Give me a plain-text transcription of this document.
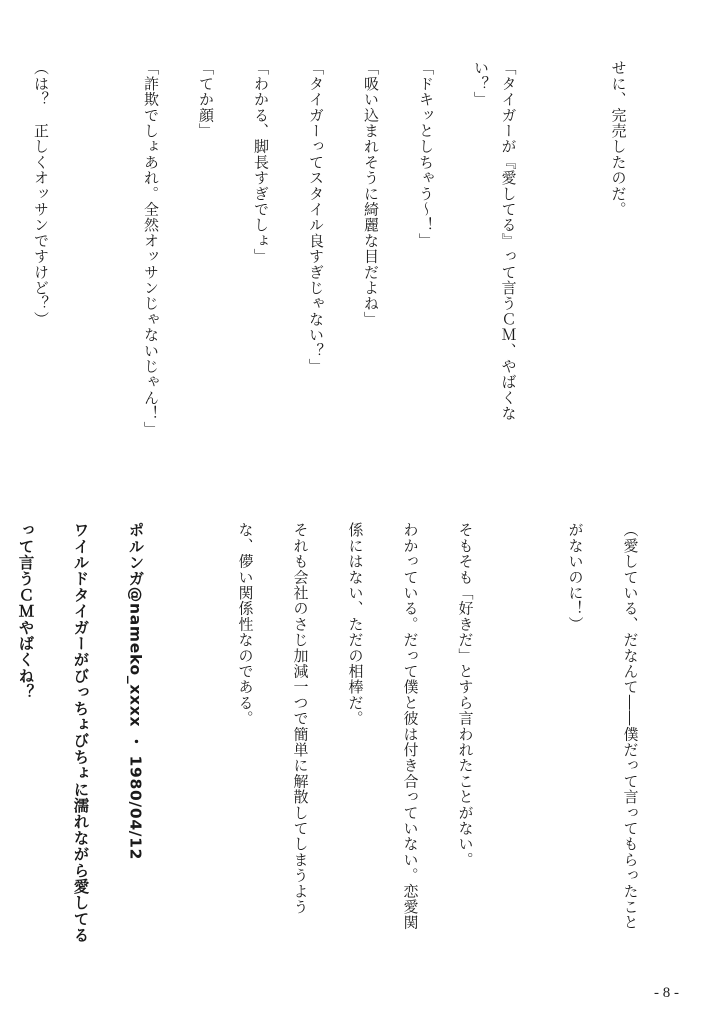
せに、完売したのだ。

「タイガーが『愛してる』って言うＣＭ、やばくない？」

「ドキッとしちゃう～！」

「吸い込まれそうに綺麗な目だよね」

「タイガーってスタイル良すぎじゃない？」

「わかる、脚長すぎでしょ」

「てか顔」

「詐欺でしょあれ。全然オッサンじゃないじゃん！」

（は？　正しくオッサンですけど？）

（愛している、だなんて――僕だって言ってもらったこと

がないのに！）

そもそも「好きだ」とすら言われたことがない。

わかっている。だって僕と彼は付き合っていない。恋愛関

係にはない、ただの相棒だ。

それも会社のさじ加減一つで簡単に解散してしまうよう

な、儚い関係性なのである。

ポルンガ@nameko_xxxx ・ 1980/04/12

ワイルドタイガーがびっちょびちょに濡れながら愛してる

って言うＣＭやばくね？

- 8 -
